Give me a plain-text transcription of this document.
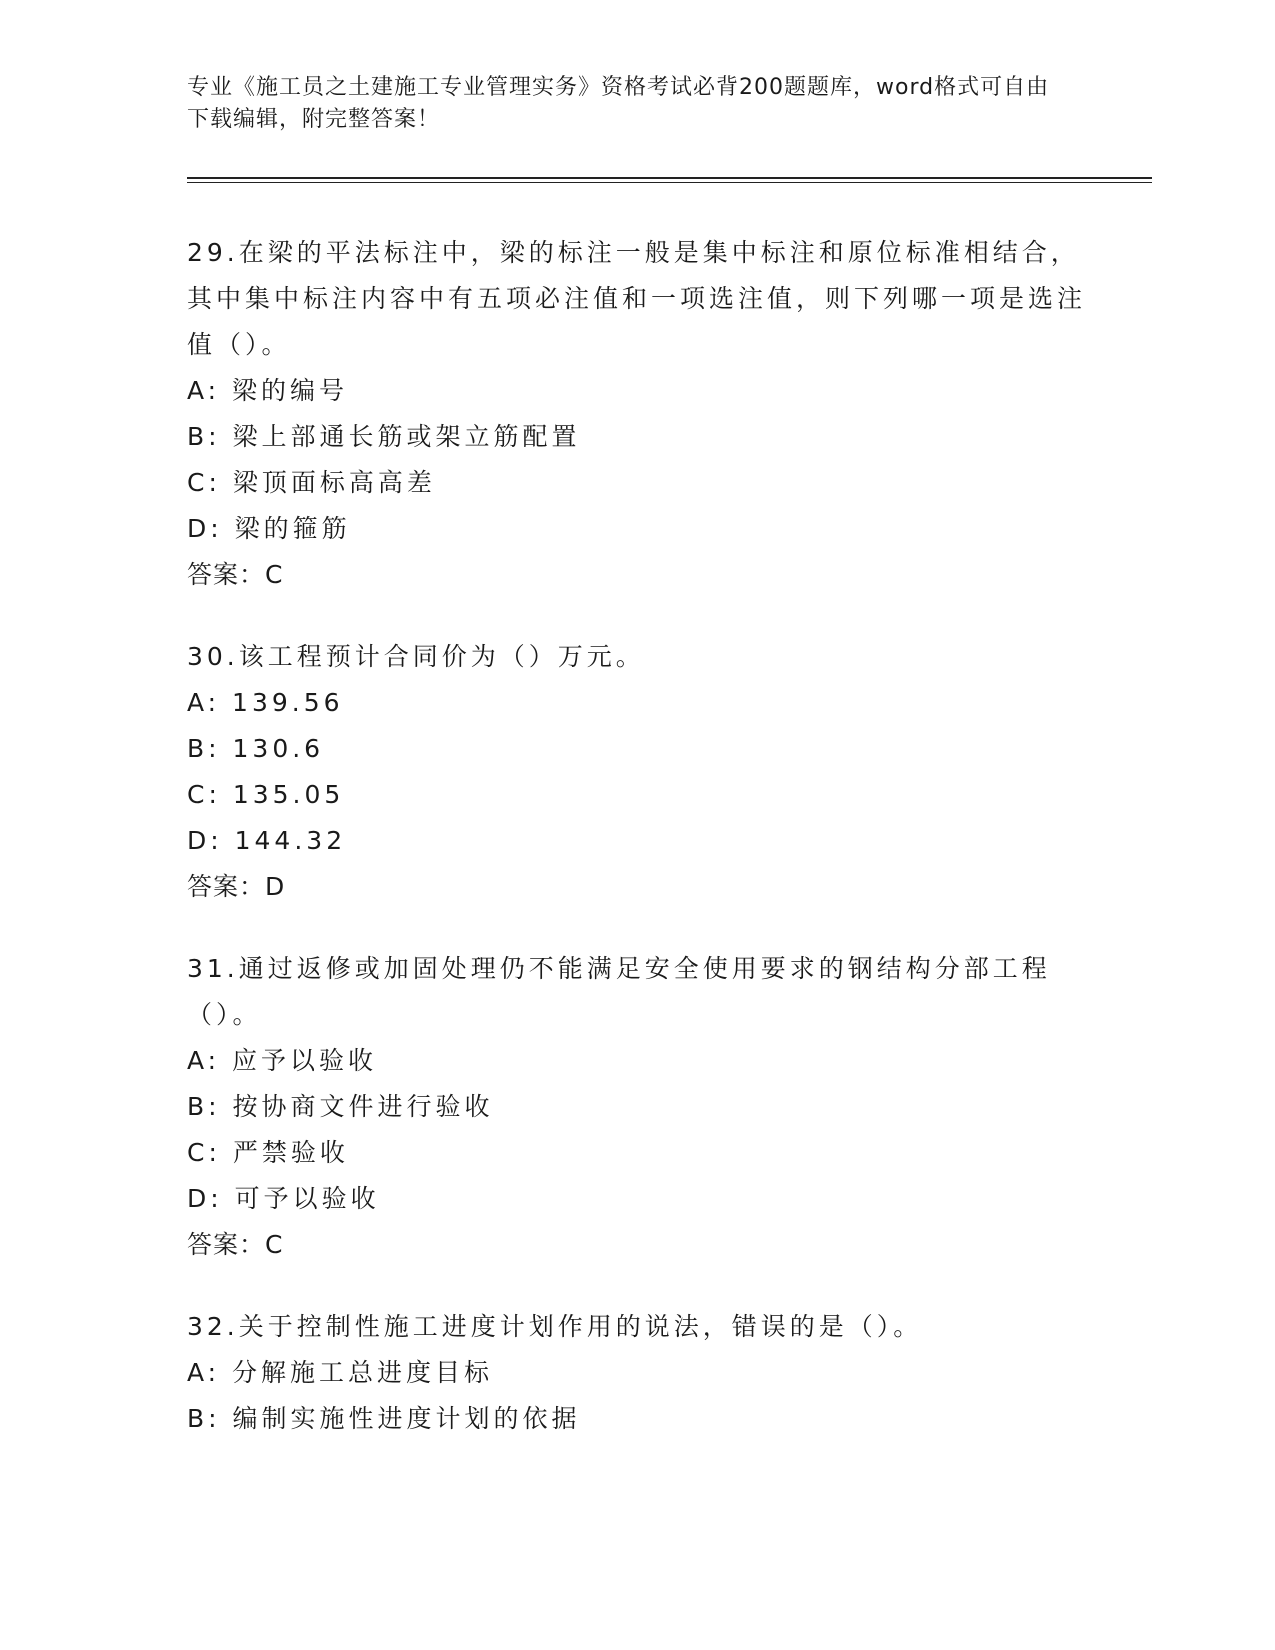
专业《施工员之土建施工专业管理实务》资格考试必背200题题库，word格式可自由下载编辑，附完整答案！

29.在梁的平法标注中，梁的标注一般是集中标注和原位标准相结合，其中集中标注内容中有五项必注值和一项选注值，则下列哪一项是选注值（）。

A: 梁的编号

B: 梁上部通长筋或架立筋配置

C: 梁顶面标高高差

D: 梁的箍筋

答案：C

30.该工程预计合同价为（）万元。

A: 139.56

B: 130.6

C: 135.05

D: 144.32

答案：D

31.通过返修或加固处理仍不能满足安全使用要求的钢结构分部工程（）。

A: 应予以验收

B: 按协商文件进行验收

C: 严禁验收

D: 可予以验收

答案：C

32.关于控制性施工进度计划作用的说法，错误的是（）。

A: 分解施工总进度目标

B: 编制实施性进度计划的依据
